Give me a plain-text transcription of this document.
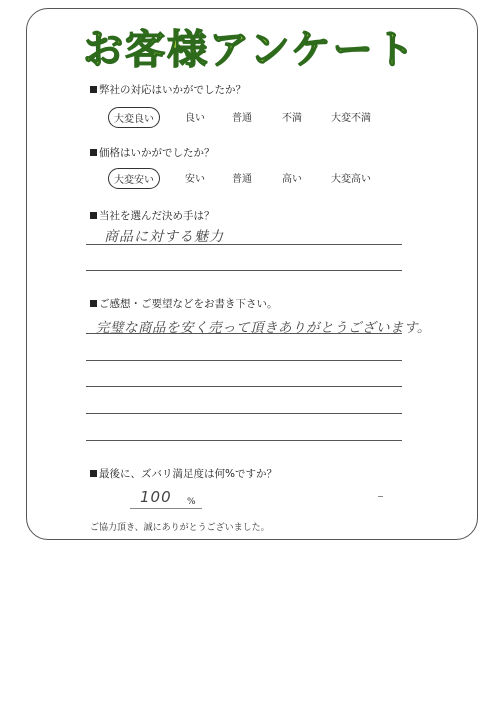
お客様アンケート
弊社の対応はいかがでしたか？
大変良い	良い	普通	不満	大変不満
価格はいかがでしたか？
大変安い	安い	普通	高い	大変高い
当社を選んだ決め手は？
商品に対する魅力
ご感想・ご要望などをお書き下さい。
完璧な商品を安く売って頂きありがとうございます。
最後に、ズバリ満足度は何%ですか？
100 %
ご協力頂き、誠にありがとうございました。
